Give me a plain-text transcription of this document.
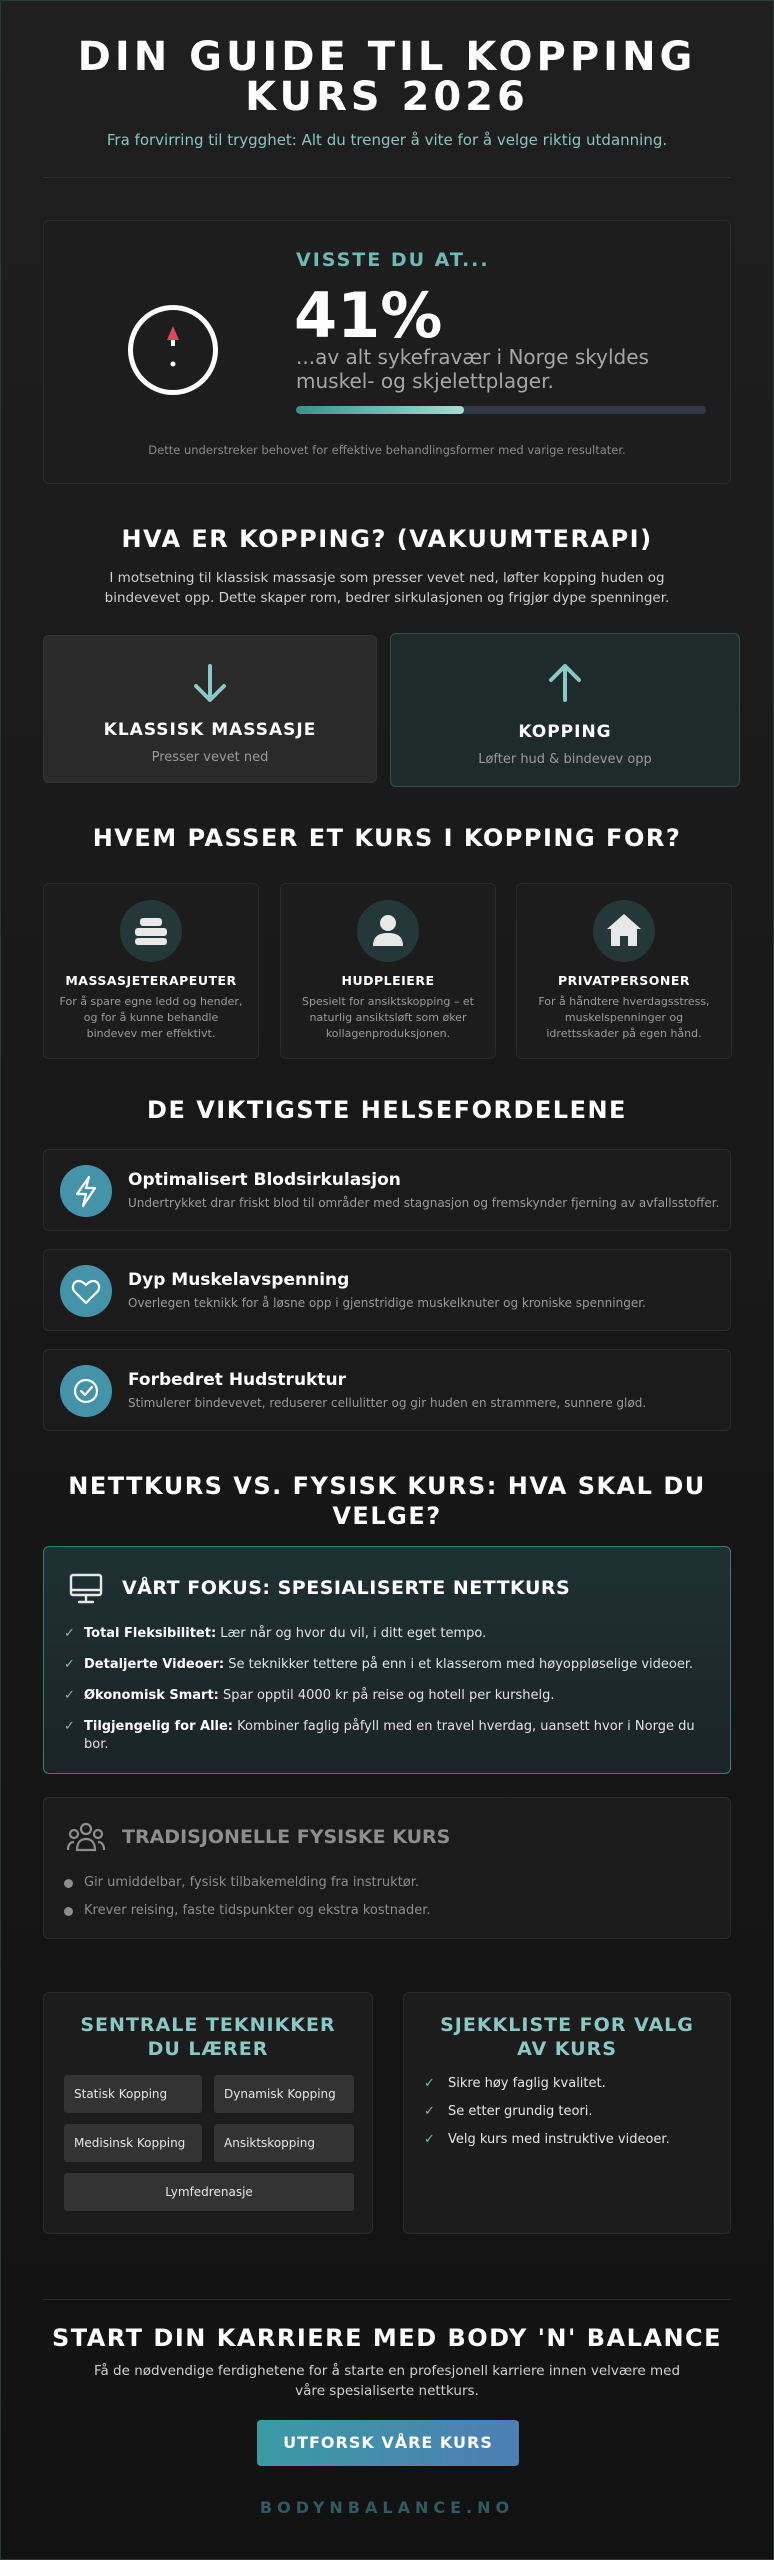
DIN GUIDE TIL KOPPING
KURS 2026
Fra forvirring til trygghet: Alt du trenger å vite for å velge riktig utdanning.
VISSTE DU AT...
41%
...av alt sykefravær i Norge skyldes muskel- og skjelettplager.
Dette understreker behovet for effektive behandlingsformer med varige resultater.
HVA ER KOPPING? (VAKUUMTERAPI)
I motsetning til klassisk massasje som presser vevet ned, løfter kopping huden og bindevevet opp. Dette skaper rom, bedrer sirkulasjonen og frigjør dype spenninger.
KLASSISK MASSASJE
Presser vevet ned
KOPPING
Løfter hud & bindevev opp
HVEM PASSER ET KURS I KOPPING FOR?
MASSASJETERAPEUTER
For å spare egne ledd og hender, og for å kunne behandle bindevev mer effektivt.
HUDPLEIERE
Spesielt for ansiktskopping – et naturlig ansiktsløft som øker kollagenproduksjonen.
PRIVATPERSONER
For å håndtere hverdagsstress, muskelspenninger og idrettsskader på egen hånd.
DE VIKTIGSTE HELSEFORDELENE
Optimalisert Blodsirkulasjon
Undertrykket drar friskt blod til områder med stagnasjon og fremskynder fjerning av avfallsstoffer.
Dyp Muskelavspenning
Overlegen teknikk for å løsne opp i gjenstridige muskelknuter og kroniske spenninger.
Forbedret Hudstruktur
Stimulerer bindevevet, reduserer cellulitter og gir huden en strammere, sunnere glød.
NETTKURS VS. FYSISK KURS: HVA SKAL DU
VELGE?
VÅRT FOKUS: SPESIALISERTE NETTKURS
✓ Total Fleksibilitet: Lær når og hvor du vil, i ditt eget tempo.
✓ Detaljerte Videoer: Se teknikker tettere på enn i et klasserom med høyoppløselige videoer.
✓ Økonomisk Smart: Spar opptil 4000 kr på reise og hotell per kurshelg.
✓ Tilgjengelig for Alle: Kombiner faglig påfyll med en travel hverdag, uansett hvor i Norge du bor.
TRADISJONELLE FYSISKE KURS
Gir umiddelbar, fysisk tilbakemelding fra instruktør.
Krever reising, faste tidspunkter og ekstra kostnader.
SENTRALE TEKNIKKER
DU LÆRER
Statisk Kopping	Dynamisk Kopping
Medisinsk Kopping	Ansiktskopping
Lymfedrenasje
SJEKKLISTE FOR VALG
AV KURS
✓ Sikre høy faglig kvalitet.
✓ Se etter grundig teori.
✓ Velg kurs med instruktive videoer.
START DIN KARRIERE MED BODY 'N' BALANCE
Få de nødvendige ferdighetene for å starte en profesjonell karriere innen velvære med våre spesialiserte nettkurs.
UTFORSK VÅRE KURS
BODYNBALANCE.NO
